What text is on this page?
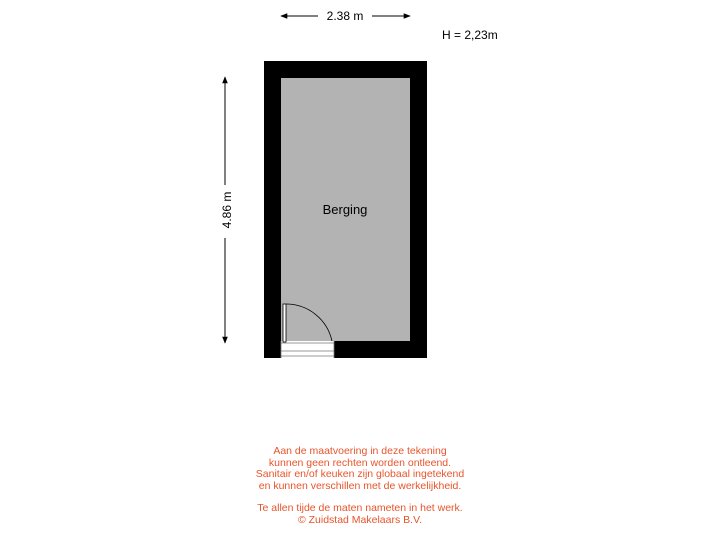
2.38 m
4.86 m	Berging
H = 2,23m
Aan de maatvoering in deze tekening
kunnen geen rechten worden ontleend.
Sanitair en/of keuken zijn globaal ingetekend
en kunnen verschillen met de werkelijkheid.
Te allen tijde de maten nameten in het werk.
© Zuidstad Makelaars B.V.
